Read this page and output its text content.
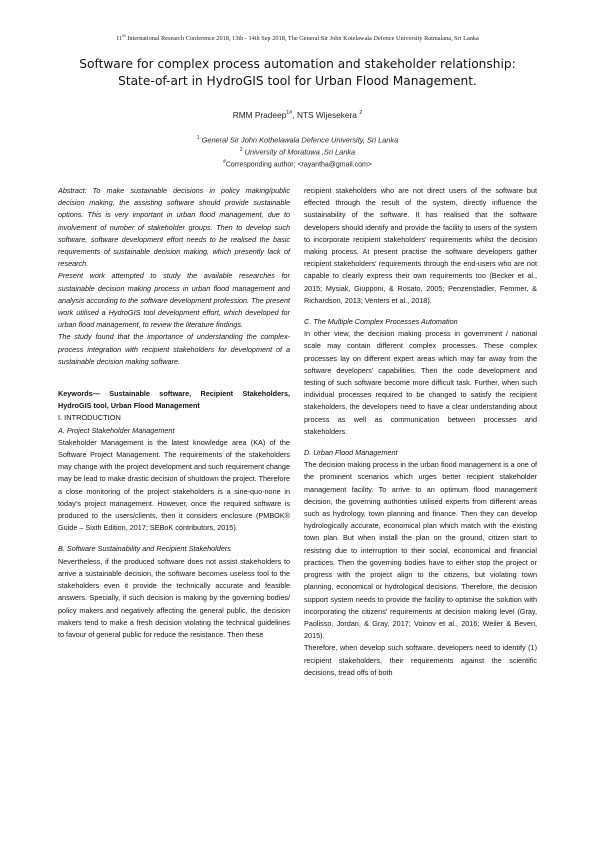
11th International Research Conference 2018, 13th - 14th Sep 2018, The General Sir John Kotelawala Defence University Ratmalana, Sri Lanka
Software for complex process automation and stakeholder relationship:
State-of-art in HydroGIS tool for Urban Flood Management.
RMM Pradeep$^{1\#}$, NTS Wijesekera $^2$
$^1$ General Sir John Kothelawala Defence University, Sri Lanka
$^2$ University of Moratuwa ,Sri Lanka
#Corresponding author; <rayantha@gmail.com>

Abstract: To make sustainable decisions in policy making/public decision making, the assisting software should provide sustainable options. This is very important in urban flood management, due to involvement of number of stakeholder groups. Then to develop such software, software development effort needs to be realised the basic requirements of sustainable decision making, which presently lack of research.

Present work attempted to study the available researches for sustainable decision making process in urban flood management and analysis according to the software development profession. The present work utilised a HydroGIS tool development effort, which developed for urban flood management, to review the literature findings.

The study found that the importance of understanding the complex-process integration with recipient stakeholders for development of a sustainable decision making software.

Keywords— Sustainable software, Recipient Stakeholders, HydroGIS tool, Urban Flood Management

I. INTRODUCTION

A. Project Stakeholder Management

Stakeholder Management is the latest knowledge area (KA) of the Software Project Management. The requirements of the stakeholders may change with the project development and such requirement change may be lead to make drastic decision of shutdown the project. Therefore a close monitoring of the project stakeholders is a sine-quo-none in today’s project management. However, once the required software is produced to the users/clients, then it considers enclosure (PMBOK® Guide – Sixth Edition, 2017; SEBoK contributors, 2015).

B. Software Sustainability and Recipient Stakeholders

Nevertheless, if the produced software does not assist stakeholders to arrive a sustainable decision, the software becomes useless tool to the stakeholders even it provide the technically accurate and feasible answers. Specially, if such decision is making by the governing bodies/ policy makers and negatively affecting the general public, the decision makers tend to make a fresh decision violating the technical guidelines to favour of general public for reduce the resistance. Then these

recipient stakeholders who are not direct users of the software but effected through the result of the system, directly influence the sustainability of the software. It has realised that the software developers should identify and provide the facility to users of the system to incorporate recipient stakeholders’ requirements whilst the decision making process. At present practise the software developers gather recipient stakeholders’ requirements through the end-users who are not capable to clearly express their own requirements too (Becker et al., 2015; Mysiak, Giupponi, & Rosato, 2005; Penzenstadler, Femmer, & Richardson, 2013; Venters et al., 2018).

C. The Multiple Complex Processes Automation

In other view, the decision making process in government / national scale may contain different complex processes. These complex processes lay on different expert areas which may far away from the software developers’ capabilities. Then the code development and testing of such software become more difficult task. Further, when such individual processes required to be changed to satisfy the recipient stakeholders, the developers need to have a clear understanding about process as well as communication between processes and stakeholders.

D. Urban Flood Management

The decision making process in the urban flood management is a one of the prominent scenarios which urges better recipient stakeholder management facility. To arrive to an optimum flood management decision, the governing authorities utilised experts from different areas such as hydrology, town planning and finance. Then they can develop hydrologically accurate, economical plan which match with the existing town plan. But when install the plan on the ground, citizen start to resisting due to interruption to their social, economical and financial practices. Then the governing bodies have to either stop the project or progress with the project align to the citizens, but violating town planning, economical or hydrological decisions. Therefore, the decision support system needs to provide the facility to optimise the solution with incorporating the citizens’ requirements at decision making level (Gray, Paolisso, Jordan, & Gray, 2017; Voinov et al., 2016; Weiler & Beven, 2015).

Therefore, when develop such software, developers need to identify (1) recipient stakeholders, their requirements against the scientific decisions, tread offs of both
